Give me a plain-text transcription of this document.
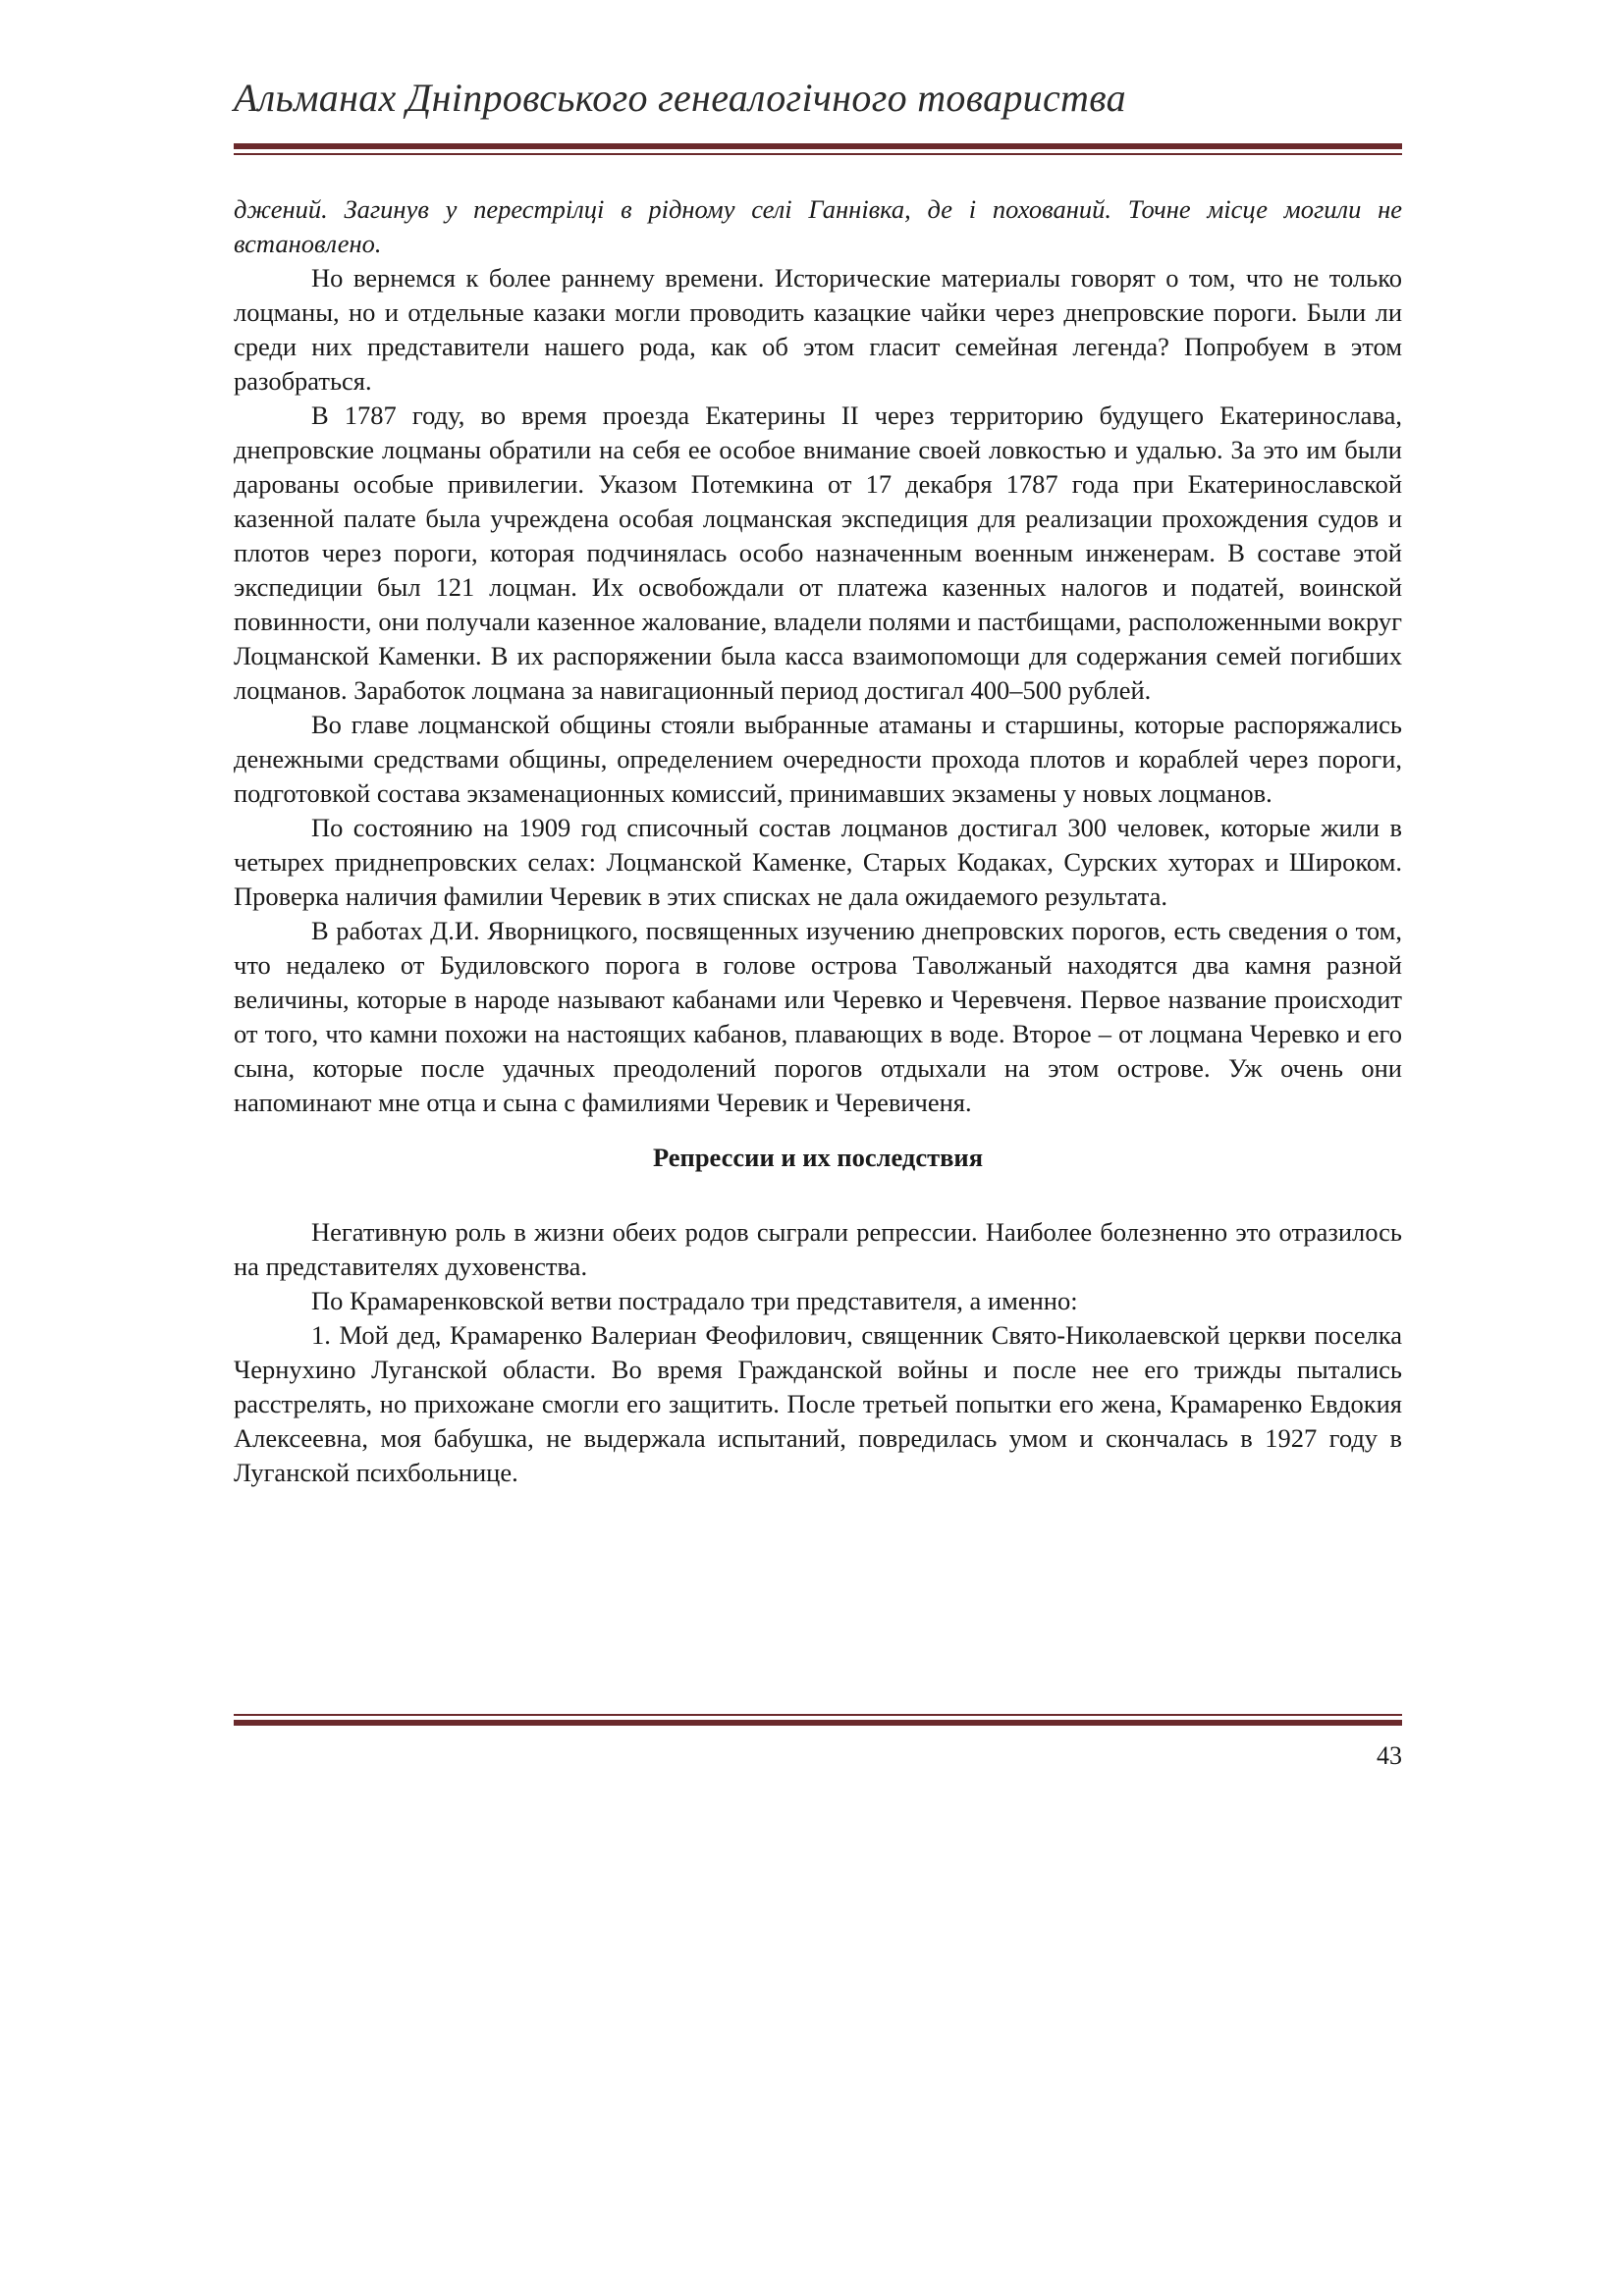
Альманах Дніпровського генеалогічного товариства

джений. Загинув у перестрілці в рідному селі Ганнівка, де і похований. Точне місце могили не встановлено.

Но вернемся к более раннему времени. Исторические материалы говорят о том, что не только лоцманы, но и отдельные казаки могли проводить казацкие чайки через днепровские пороги. Были ли среди них представители нашего рода, как об этом гласит семейная легенда? Попробуем в этом разобраться.

В 1787 году, во время проезда Екатерины II через территорию будущего Екатеринослава, днепровские лоцманы обратили на себя ее особое внимание своей ловкостью и удалью. За это им были дарованы особые привилегии. Указом Потемкина от 17 декабря 1787 года при Екатеринославской казенной палате была учреждена особая лоцманская экспедиция для реализации прохождения судов и плотов через пороги, которая подчинялась особо назначенным военным инженерам. В составе этой экспедиции был 121 лоцман. Их освобождали от платежа казенных налогов и податей, воинской повинности, они получали казенное жалование, владели полями и пастбищами, расположенными вокруг Лоцманской Каменки. В их распоряжении была касса взаимопомощи для содержания семей погибших лоцманов. Заработок лоцмана за навигационный период достигал 400–500 рублей.

Во главе лоцманской общины стояли выбранные атаманы и старшины, которые распоряжались денежными средствами общины, определением очередности прохода плотов и кораблей через пороги, подготовкой состава экзаменационных комиссий, принимавших экзамены у новых лоцманов.

По состоянию на 1909 год списочный состав лоцманов достигал 300 человек, которые жили в четырех приднепровских селах: Лоцманской Каменке, Старых Кодаках, Сурских хуторах и Широком. Проверка наличия фамилии Черевик в этих списках не дала ожидаемого результата.

В работах Д.И. Яворницкого, посвященных изучению днепровских порогов, есть сведения о том, что недалеко от Будиловского порога в голове острова Таволжаный находятся два камня разной величины, которые в народе называют кабанами или Черевко и Черевченя. Первое название происходит от того, что камни похожи на настоящих кабанов, плавающих в воде. Второе – от лоцмана Черевко и его сына, которые после удачных преодолений порогов отдыхали на этом острове. Уж очень они напоминают мне отца и сына с фамилиями Черевик и Черевиченя.

Репрессии и их последствия

Негативную роль в жизни обеих родов сыграли репрессии. Наиболее болезненно это отразилось на представителях духовенства.

По Крамаренковской ветви пострадало три представителя, а именно:

1. Мой дед, Крамаренко Валериан Феофилович, священник Свято-Николаевской церкви поселка Чернухино Луганской области. Во время Гражданской войны и после нее его трижды пытались расстрелять, но прихожане смогли его защитить. После третьей попытки его жена, Крамаренко Евдокия Алексеевна, моя бабушка, не выдержала испытаний, повредилась умом и скончалась в 1927 году в Луганской психбольнице.

43
